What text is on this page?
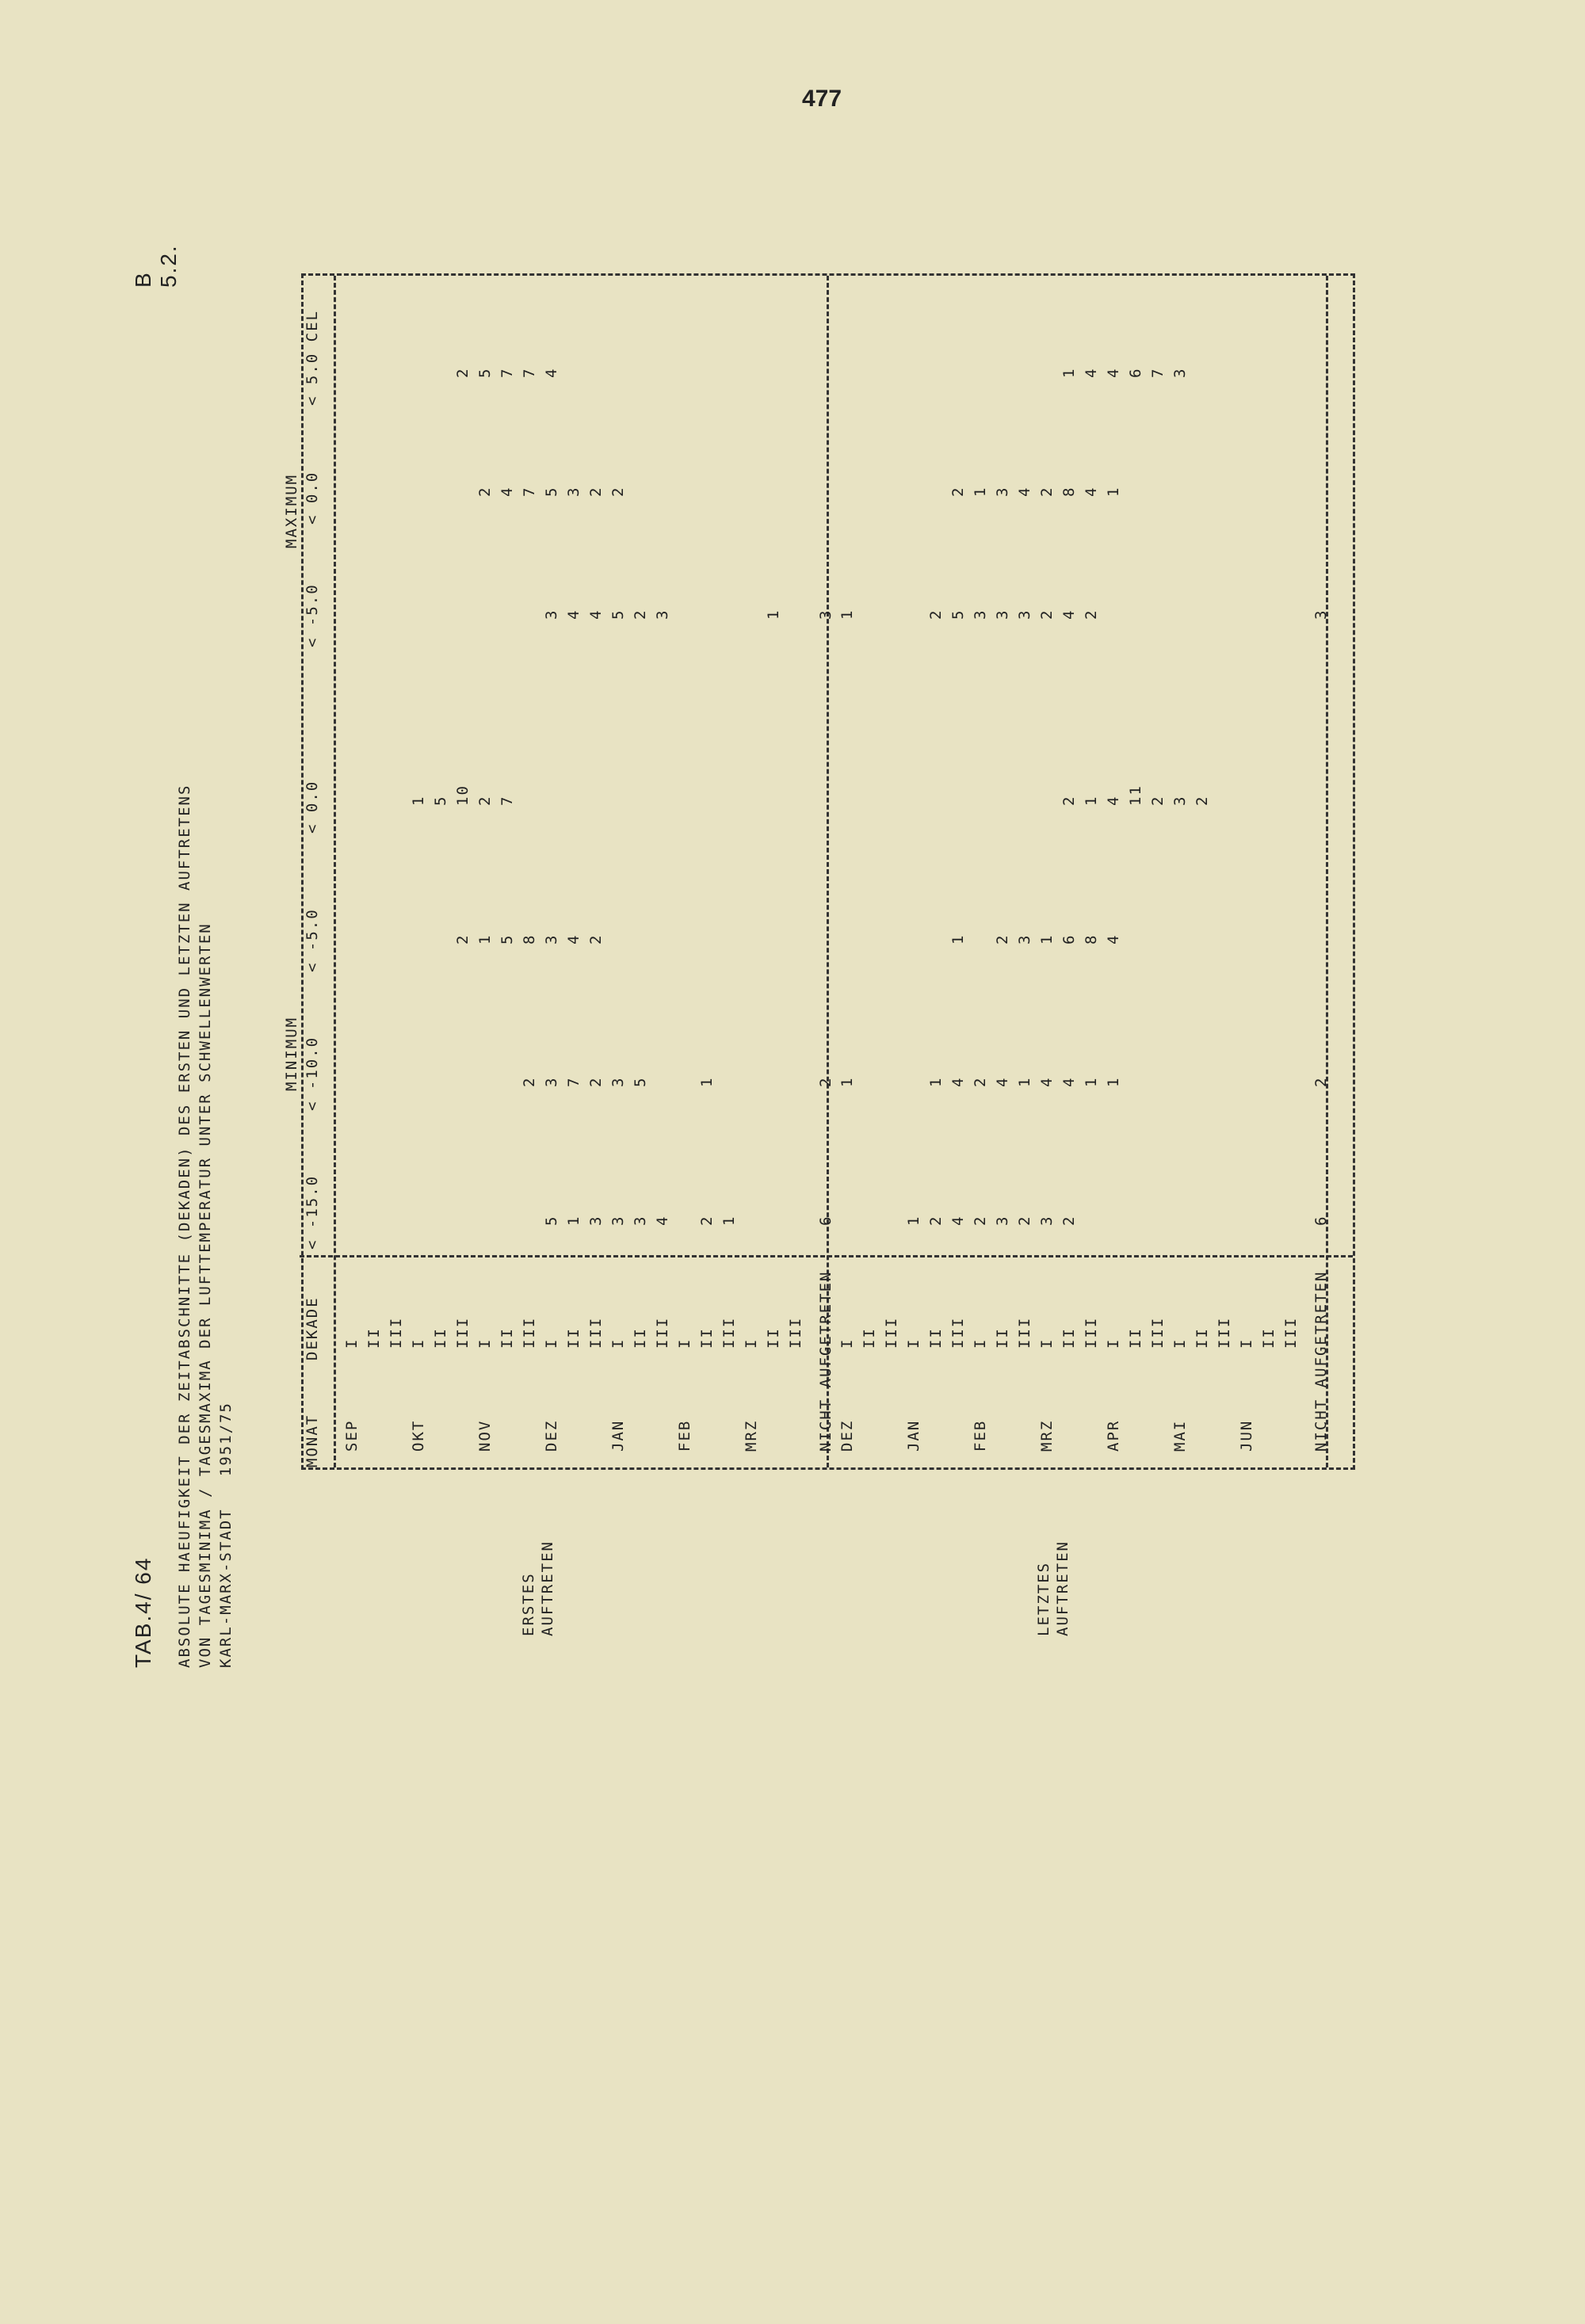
477
TAB.4/ 64
B 5.2.
ABSOLUTE HAEUFIGKEIT DER ZEITABSCHNITTE (DEKADEN) DES ERSTEN UND LETZTEN AUFTRETENS VON TAGESMINIMA / TAGESMAXIMA DER LUFTTEMPERATUR UNTER SCHWELLENWERTEN KARL-MARX-STADT   1951/75	ERSTES AUFTRETEN	LETZTES AUFTRETEN
MONAT
DEKADE
MINIMUM
MAXIMUM
< -15.0
< -10.0
< -5.0
< 0.0
< -5.0
< 0.0
< 5.0 CEL
SEP
I II III
OKT
I
1
II
5
III
2
10
2
NOV
I
1
2
2
5
II
5
7
4
7
III
2
8
7
7
DEZ
I
5
3
3
3
5
4
II
1
7
4
4
3
III
3
2
2
4
2
JAN
I
3
3
5
2
II
3
5
2
III
4
3
FEB
I II
2
1
III
1
MRZ
I II
1
III NICHT AUFGETRETEN
6
2
3
DEZ
I
1
1
II III
JAN
I
1
II
2
1
2
III
4
4
1
5
2
FEB
I
2
2
3
1
II
3
4
2
3
3
III
2
1
3
3
4
MRZ
I
3
4
1
2
2
II
2
4
6
2
4
8
1
III
1
8
1
2
4
4
APR
I
1
4
4
1
4
II
11
6
III
2
7
MAI
I
3
3
II
2
III
JUN
I II III NICHT AUFGETRETEN
6
2
3
